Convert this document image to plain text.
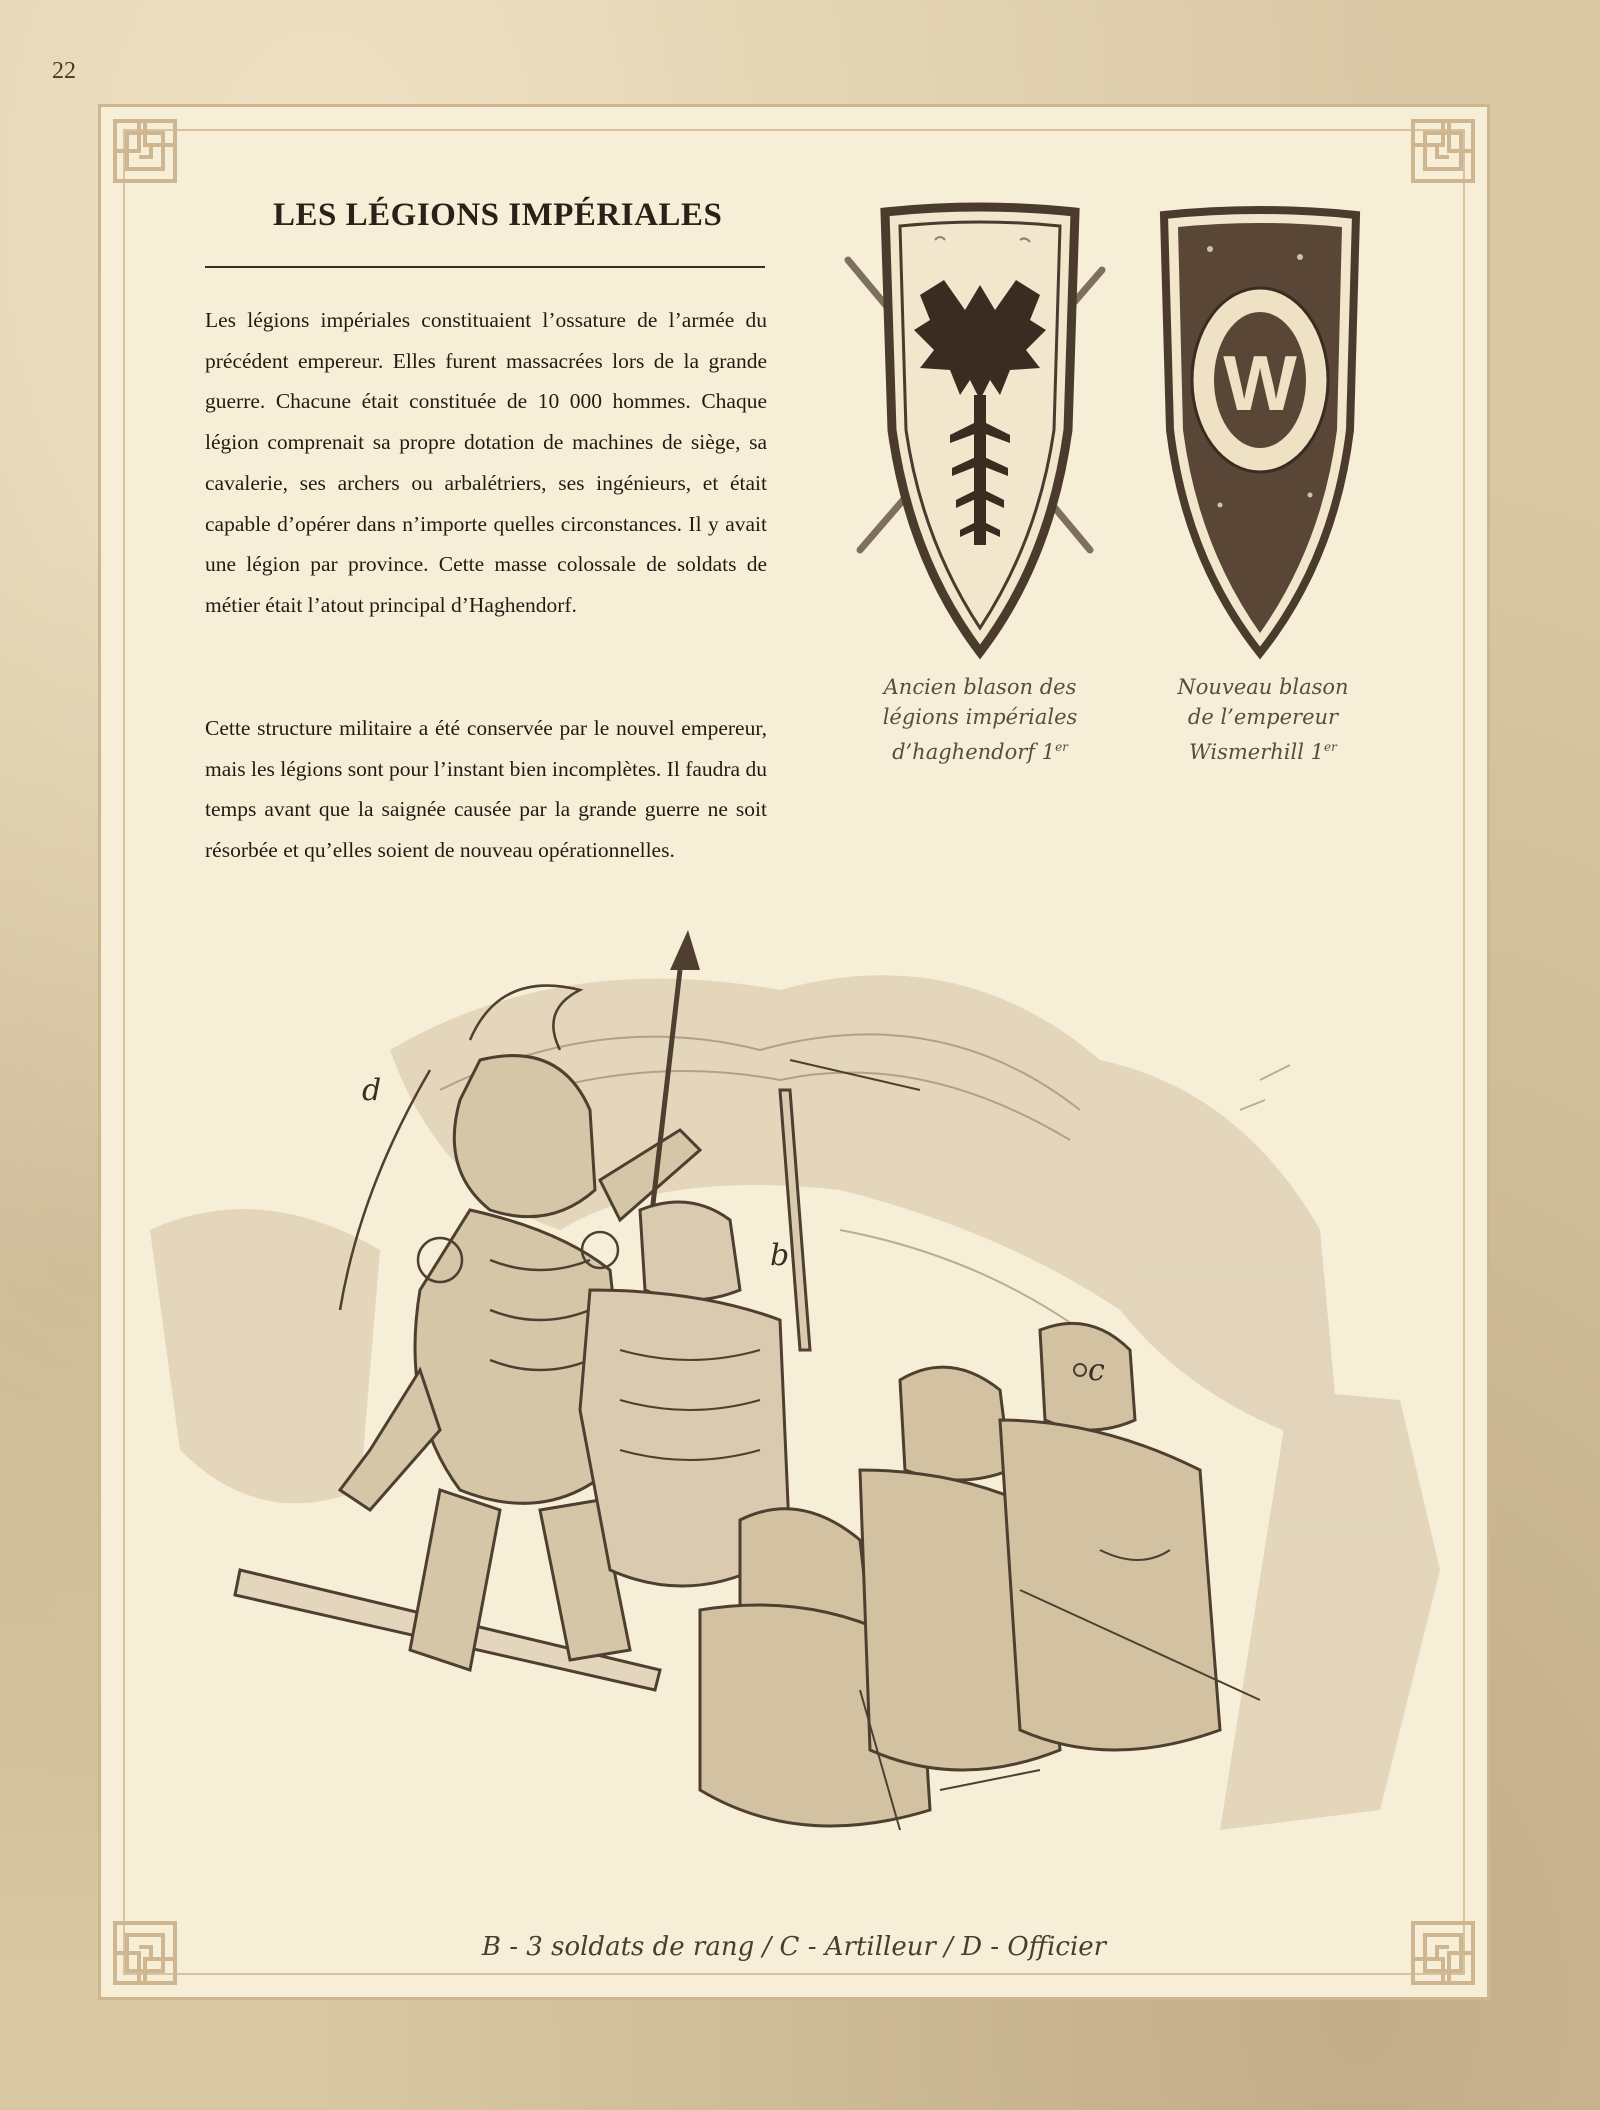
22
LES LÉGIONS IMPÉRIALES

Les légions impériales constituaient l’ossature de l’armée du précédent empereur. Elles furent massacrées lors de la grande guerre. Chacune était constituée de 10 000 hommes. Chaque légion comprenait sa propre dotation de machines de siège, sa cavalerie, ses archers ou arbalétriers, ses ingénieurs, et était capable d’opérer dans n’importe quelles circonstances. Il y avait une légion par province. Cette masse colossale de soldats de métier était l’atout principal d’Haghendorf.

Cette structure militaire a été conservée par le nouvel empereur, mais les légions sont pour l’instant bien incomplètes. Il faudra du temps avant que la saignée causée par la grande guerre ne soit résorbée et qu’elles soient de nouveau opérationnelles.

W
Ancien blason des
légions impériales
d’haghendorf 1er
Nouveau blason
de l’empereur
Wismerhill 1er
d
b
c
B - 3 soldats de rang / C - Artilleur / D - Officier
